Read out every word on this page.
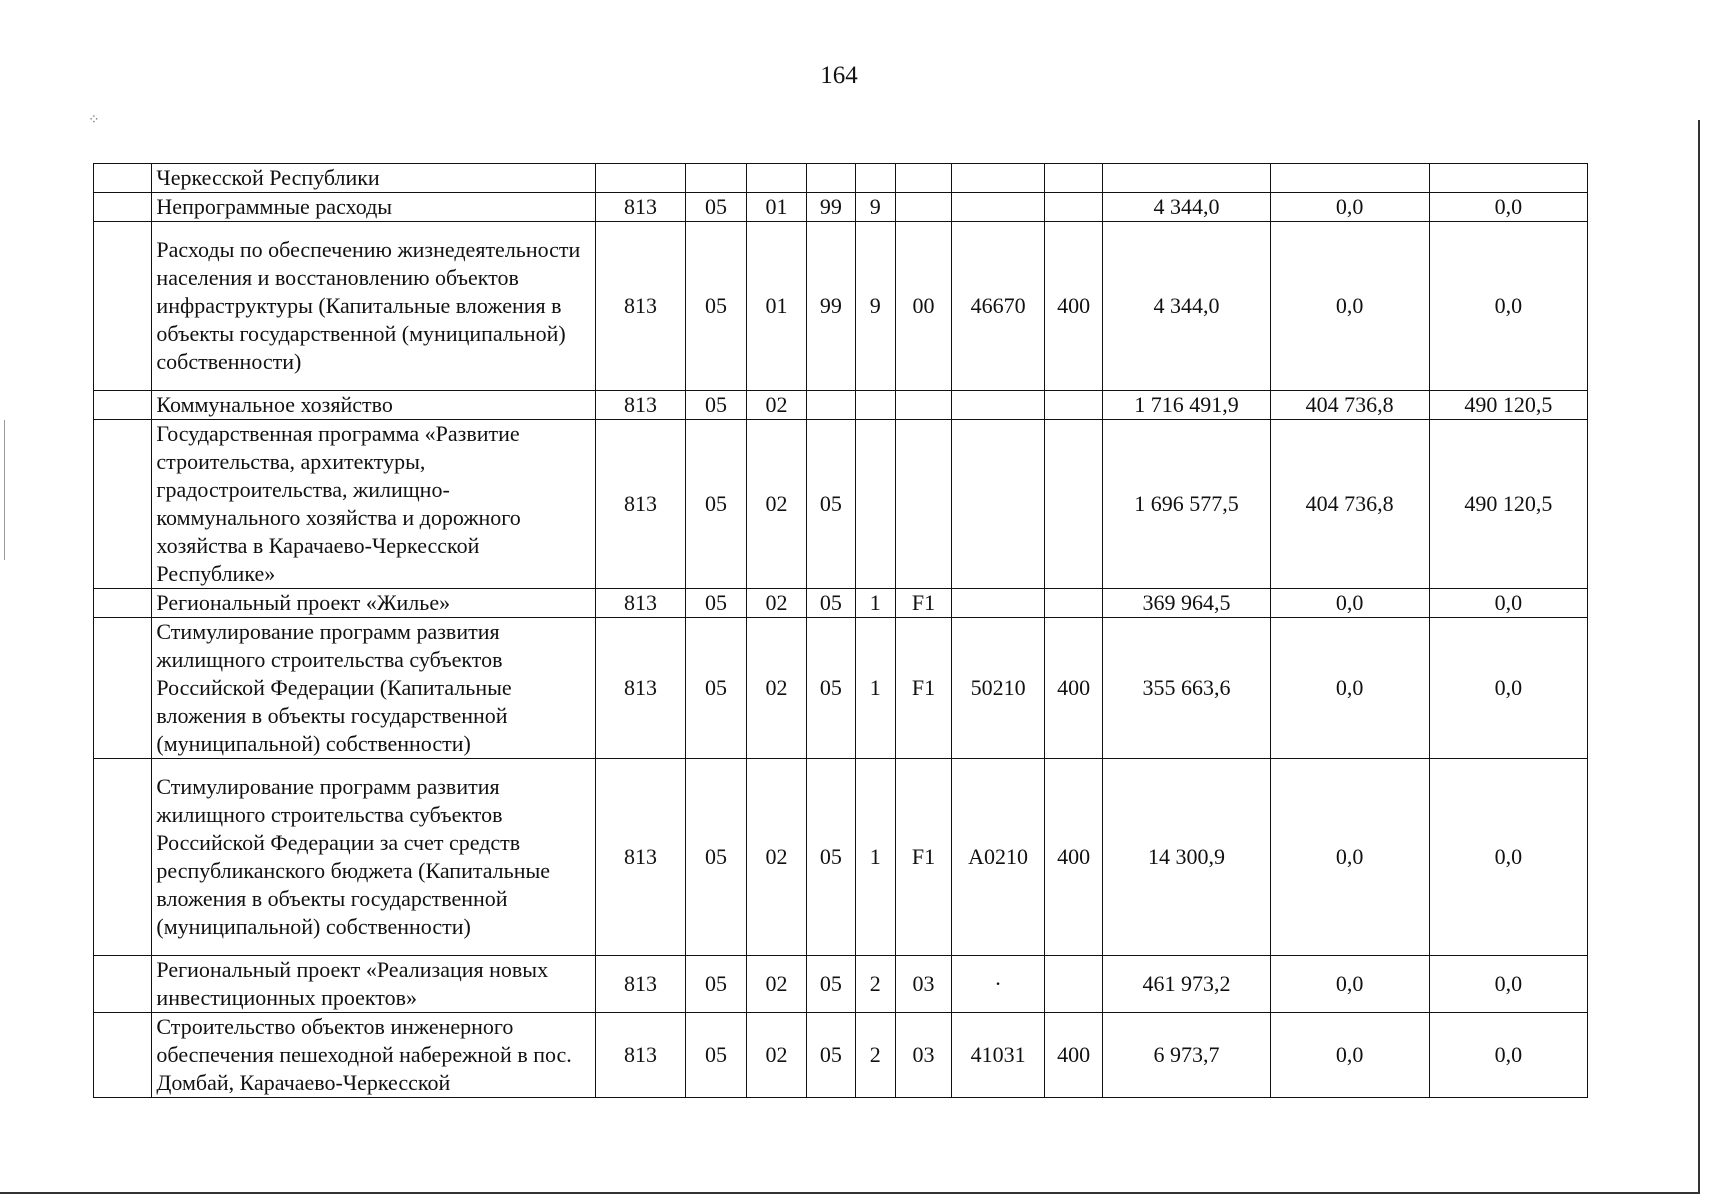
164
⁘
	Черкесской Республики											
	Непрограммные расходы	813	05	01	99	9				4 344,0	0,0	0,0
	Расходы по обеспечению жизнедеятельности населения и восстановлению объектов инфраструктуры (Капитальные вложения в объекты государственной (муниципальной) собственности)	813	05	01	99	9	00	46670	400	4 344,0	0,0	0,0
	Коммунальное хозяйство	813	05	02						1 716 491,9	404 736,8	490 120,5
	Государственная программа «Развитие строительства, архитектуры, градостроительства, жилищно-коммунального хозяйства и дорожного хозяйства в Карачаево-Черкесской Республике»	813	05	02	05					1 696 577,5	404 736,8	490 120,5
	Региональный проект «Жилье»	813	05	02	05	1	F1			369 964,5	0,0	0,0
	Стимулирование программ развития жилищного строительства субъектов Российской Федерации (Капитальные вложения в объекты государственной (муниципальной) собственности)	813	05	02	05	1	F1	50210	400	355 663,6	0,0	0,0
	Стимулирование программ развития жилищного строительства субъектов Российской Федерации за счет средств республиканского бюджета (Капитальные вложения в объекты государственной (муниципальной) собственности)	813	05	02	05	1	F1	A0210	400	14 300,9	0,0	0,0
	Региональный проект «Реализация новых инвестиционных проектов»	813	05	02	05	2	03	·		461 973,2	0,0	0,0
	Строительство объектов инженерного обеспечения пешеходной набережной в пос. Домбай, Карачаево-Черкесской	813	05	02	05	2	03	41031	400	6 973,7	0,0	0,0
